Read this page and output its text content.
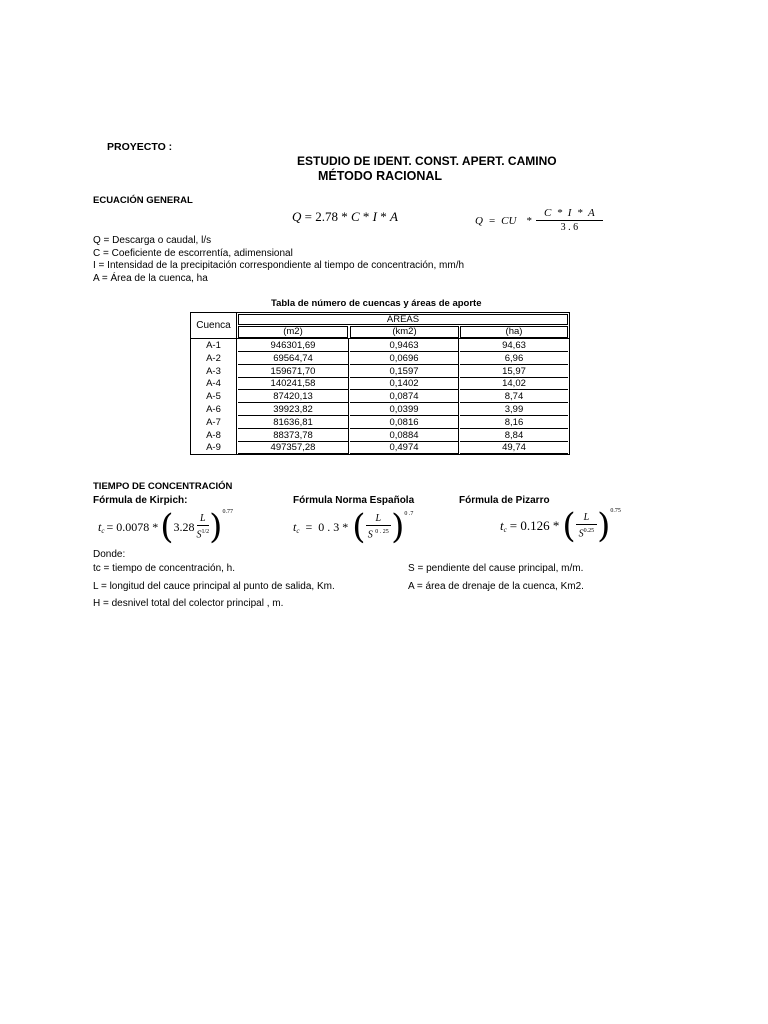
PROYECTO :
ESTUDIO DE IDENT. CONST. APERT. CAMINO
MÉTODO RACIONAL
ECUACIÓN GENERAL
Q = 2.78 * C * I * A	Q = CU * $\frac{C * I * A}{3 . 6}$
Q = Descarga o caudal, l/s
C = Coeficiente de escorrentía, adimensional
I = Intensidad de la precipitación correspondiente al tiempo de concentración, mm/h
A = Área de la cuenca, ha
Tabla de número de cuencas y áreas de aporte
Cuenca
ÁREAS
(m2)	(km2)	(ha)
A-1	946301,69	0,9463	94,63
A-2	69564,74	0,0696	6,96
A-3	159671,70	0,1597	15,97
A-4	140241,58	0,1402	14,02
A-5	87420,13	0,0874	8,74
A-6	39923,82	0,0399	3,99
A-7	81636,81	0,0816	8,16
A-8	88373,78	0,0884	8,84
A-9	497357,28	0,4974	49,74
TIEMPO DE CONCENTRACIÓN
Fórmula de Kirpich:	Fórmula Norma Española	Fórmula de Pizarro
t c = 0.0078 * ( $3.28 \frac{L}{S^{1/2}}$ ) 0.77
t c = 0 . 3 * ( $\frac{L}{S ^{0 . 25}}$ ) 0 .7
t c = 0.126 * ( $\frac{L}{S^{0.25}}$ ) 0.75
Donde:
tc = tiempo de concentración, h.	S = pendiente del cause principal, m/m.
L = longitud del cauce principal al punto de salida, Km.	A = área de drenaje de la cuenca, Km2.
H = desnivel total del colector principal , m.
